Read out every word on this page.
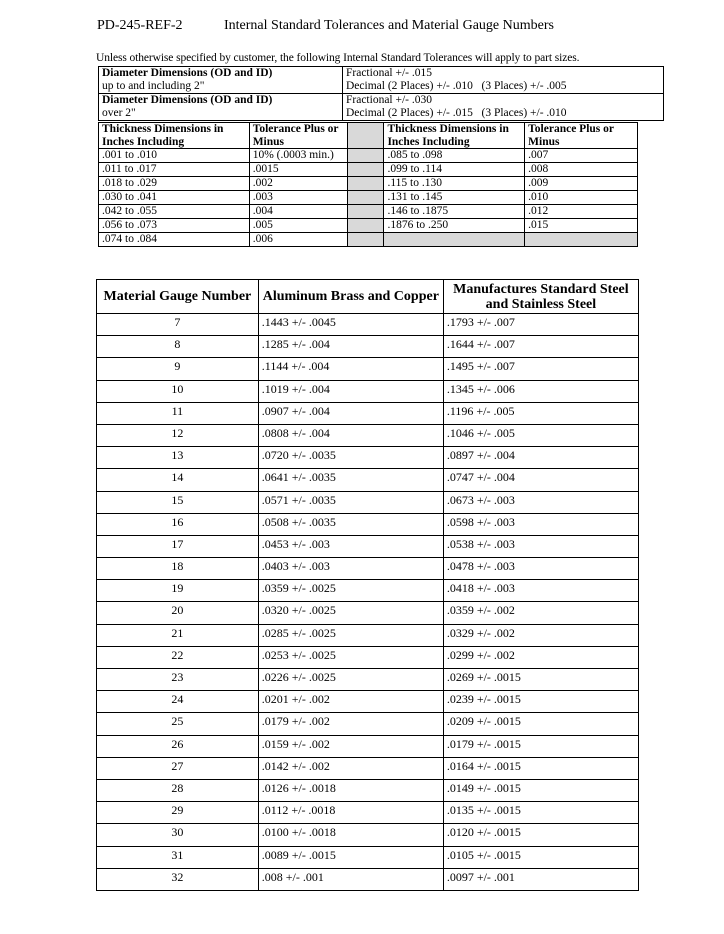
PD-245-REF-2	Internal Standard Tolerances and Material Gauge Numbers
Unless otherwise specified by customer, the following Internal Standard Tolerances will apply to part sizes.
Diameter Dimensions (OD and ID)
up to and including 2"	Fractional +/- .015
Decimal (2 Places) +/- .010   (3 Places) +/- .005
Diameter Dimensions (OD and ID)
over 2"	Fractional +/- .030
Decimal (2 Places) +/- .015   (3 Places) +/- .010
Thickness Dimensions in Inches Including	Tolerance Plus or Minus		Thickness Dimensions in Inches Including	Tolerance Plus or Minus
.001 to .010	10% (.0003 min.)		.085 to .098	.007
.011 to .017	.0015		.099 to .114	.008
.018 to .029	.002		.115 to .130	.009
.030 to .041	.003		.131 to .145	.010
.042 to .055	.004		.146 to .1875	.012
.056 to .073	.005		.1876 to .250	.015
.074 to .084	.006			
Material Gauge Number	Aluminum Brass and Copper	Manufactures Standard Steel and Stainless Steel
7	.1443 +/- .0045	.1793 +/- .007
8	.1285 +/- .004	.1644 +/- .007
9	.1144 +/- .004	.1495 +/- .007
10	.1019 +/- .004	.1345 +/- .006
11	.0907 +/- .004	.1196 +/- .005
12	.0808 +/- .004	.1046 +/- .005
13	.0720 +/- .0035	.0897 +/- .004
14	.0641 +/- .0035	.0747 +/- .004
15	.0571 +/- .0035	.0673 +/- .003
16	.0508 +/- .0035	.0598 +/- .003
17	.0453 +/- .003	.0538 +/- .003
18	.0403 +/- .003	.0478 +/- .003
19	.0359 +/- .0025	.0418 +/- .003
20	.0320 +/- .0025	.0359 +/- .002
21	.0285 +/- .0025	.0329 +/- .002
22	.0253 +/- .0025	.0299 +/- .002
23	.0226 +/- .0025	.0269 +/- .0015
24	.0201 +/- .002	.0239 +/- .0015
25	.0179 +/- .002	.0209 +/- .0015
26	.0159 +/- .002	.0179 +/- .0015
27	.0142 +/- .002	.0164 +/- .0015
28	.0126 +/- .0018	.0149 +/- .0015
29	.0112 +/- .0018	.0135 +/- .0015
30	.0100 +/- .0018	.0120 +/- .0015
31	.0089 +/- .0015	.0105 +/- .0015
32	.008 +/- .001	.0097 +/- .001
